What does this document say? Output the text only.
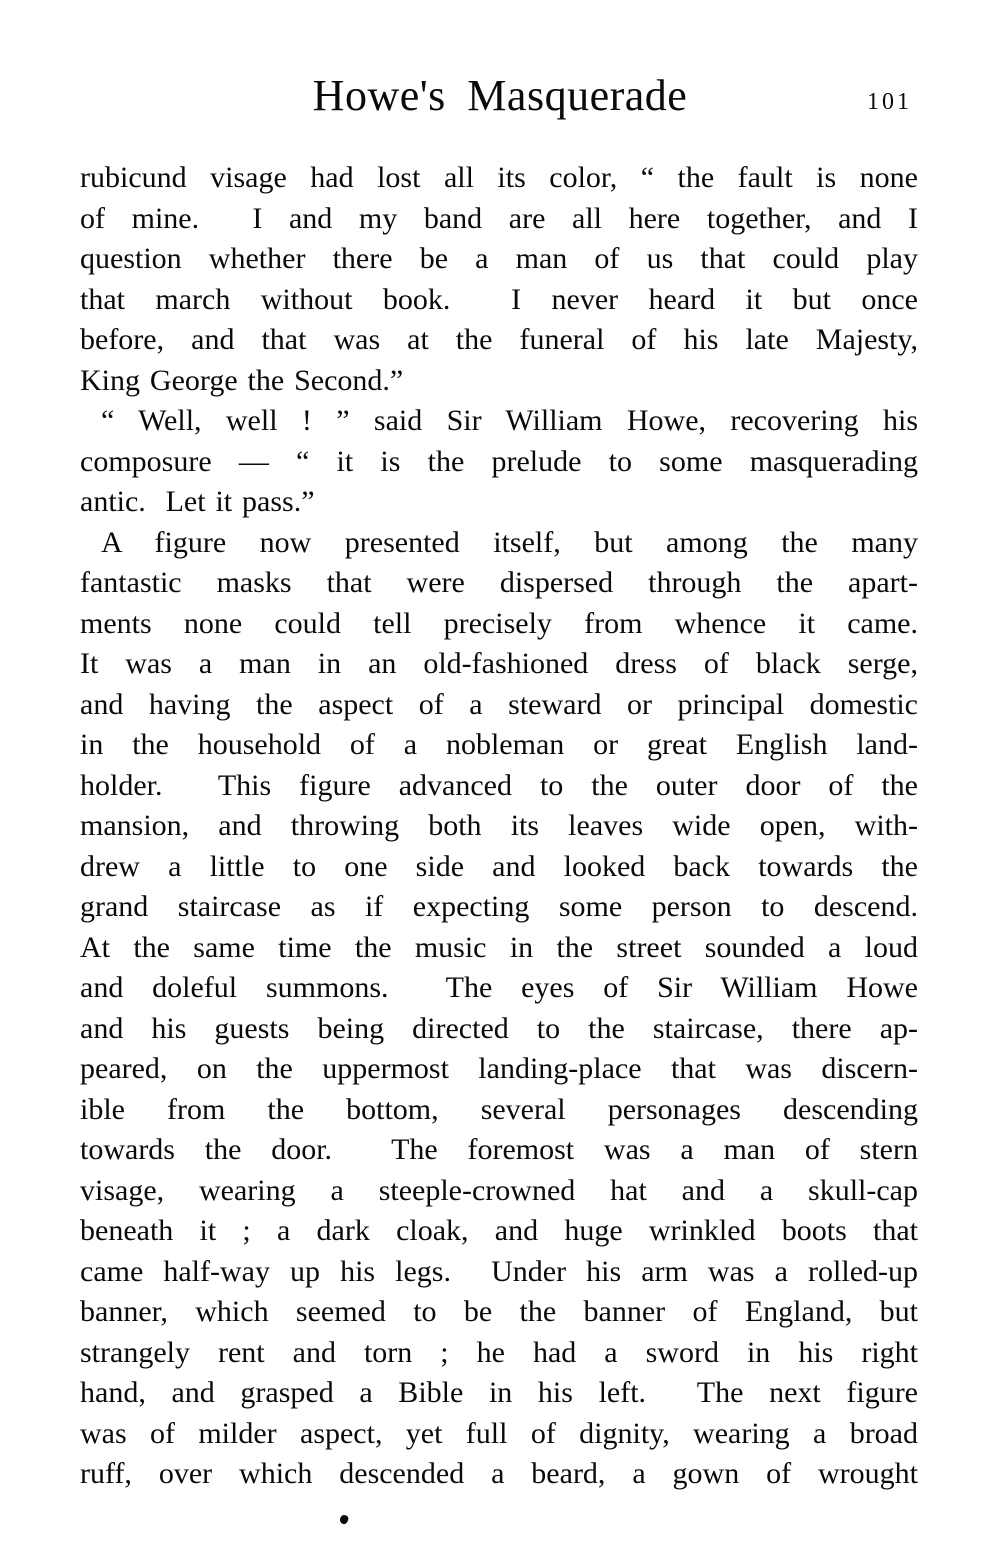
Howe's Masquerade	101
rubicund visage had lost all its color, “ the fault is none
of mine.  I and my band are all here together, and I
question whether there be a man of us that could play
that march without book.  I never heard it but once
before, and that was at the funeral of his late Majesty,
King George the Second.”
“ Well, well ! ” said Sir William Howe, recovering his
composure — “ it is the prelude to some masquerading
antic.  Let it pass.”
A figure now presented itself, but among the many
fantastic masks that were dispersed through the apart-
ments none could tell precisely from whence it came.
It was a man in an old-fashioned dress of black serge,
and having the aspect of a steward or principal domestic
in the household of a nobleman or great English land-
holder.  This figure advanced to the outer door of the
mansion, and throwing both its leaves wide open, with-
drew a little to one side and looked back towards the
grand staircase as if expecting some person to descend.
At the same time the music in the street sounded a loud
and doleful summons.  The eyes of Sir William Howe
and his guests being directed to the staircase, there ap-
peared, on the uppermost landing-place that was discern-
ible from the bottom, several personages descending
towards the door.  The foremost was a man of stern
visage, wearing a steeple-crowned hat and a skull-cap
beneath it ; a dark cloak, and huge wrinkled boots that
came half-way up his legs.  Under his arm was a rolled-up
banner, which seemed to be the banner of England, but
strangely rent and torn ; he had a sword in his right
hand, and grasped a Bible in his left.  The next figure
was of milder aspect, yet full of dignity, wearing a broad
ruff, over which descended a beard, a gown of wrought
